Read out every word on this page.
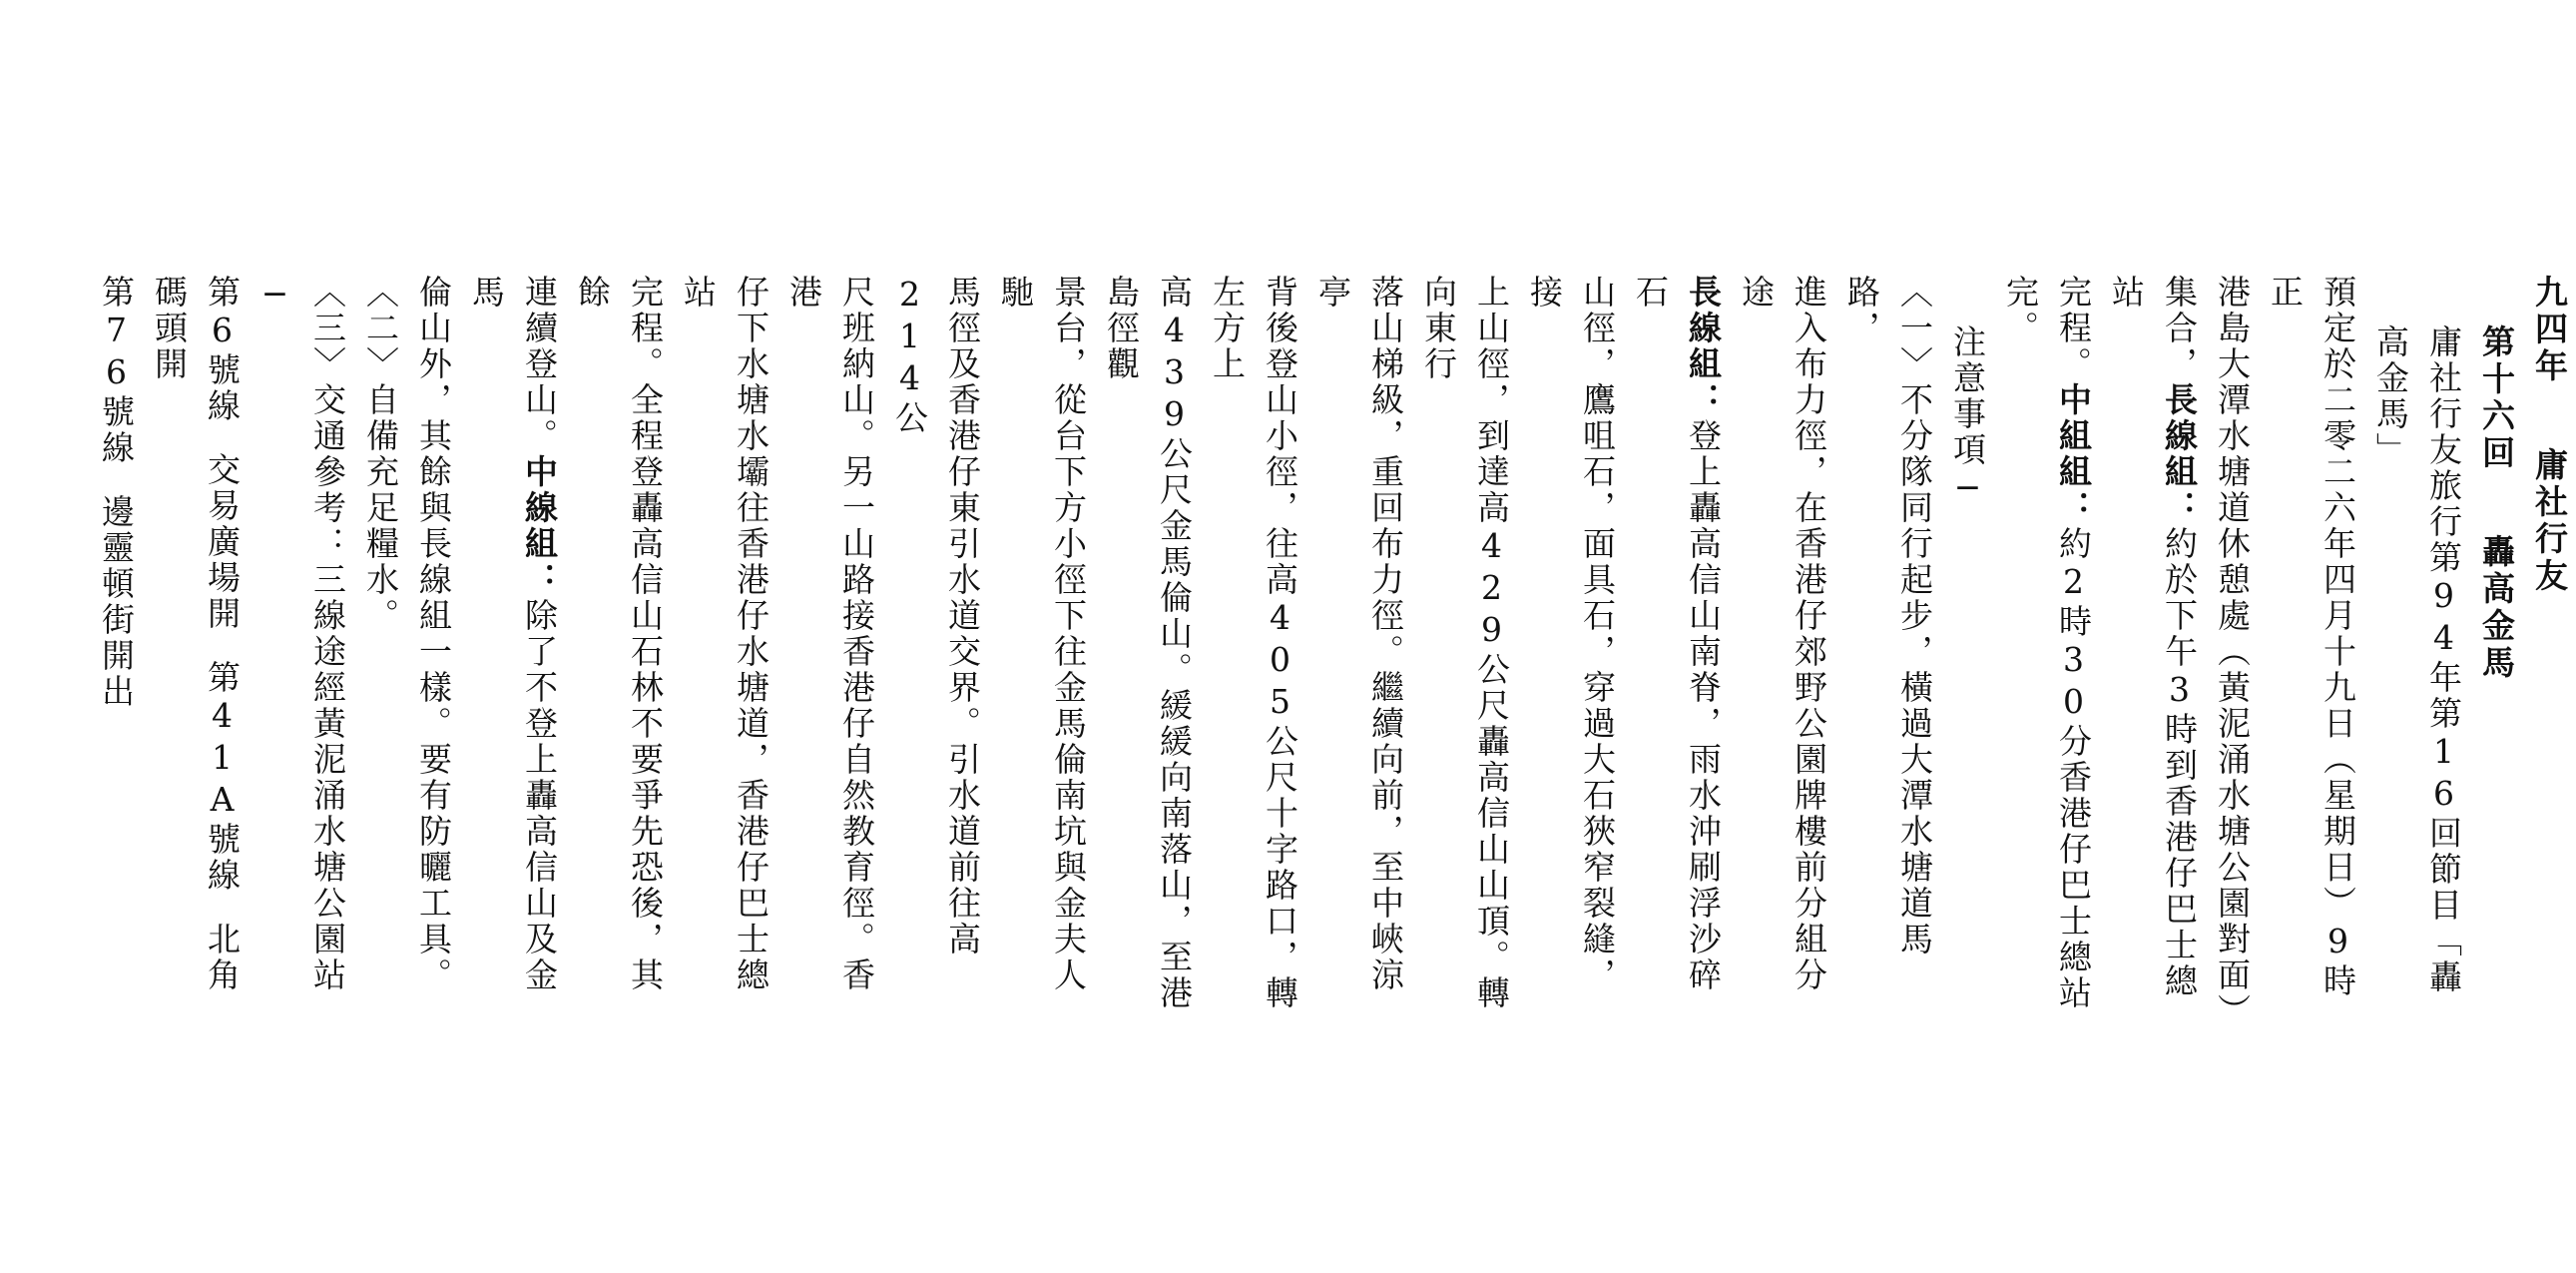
九四年庸社行友
第十六回轟高金馬
庸社行友旅行第94年第16回節目「轟高金馬」
預定於二零二六年四月十九日（星期日）9時正
港島大潭水塘道休憩處（黃泥涌水塘公園對面）
集合，長線組：約於下午3時到香港仔巴士總站
完程。中組組：約2時30分香港仔巴士總站完。
注意事項─
〈一〉不分隊同行起步，橫過大潭水塘道馬路，
進入布力徑，在香港仔郊野公園牌樓前分組分途
長線組：登上轟高信山南脊，雨水沖刷浮沙碎石
山徑，鷹咀石，面具石，穿過大石狹窄裂縫，接
上山徑，到達高429公尺轟高信山山頂。轉向東行
落山梯級，重回布力徑。繼續向前，至中峽涼亭
背後登山小徑，往高405公尺十字路口，轉左方上
高439公尺金馬倫山。緩緩向南落山，至港島徑觀
景台，從台下方小徑下往金馬倫南坑與金夫人馳
馬徑及香港仔東引水道交界。引水道前往高214公
尺班納山。另一山路接香港仔自然教育徑。香港
仔下水塘水壩往香港仔水塘道，香港仔巴士總站
完程。全程登轟高信山石林不要爭先恐後，其餘
連續登山。中線組：除了不登上轟高信山及金馬
倫山外，其餘與長線組一樣。要有防曬工具。
〈二〉自備充足糧水。
〈三〉交通參考：三線途經黃泥涌水塘公園站─
第6號線交易廣場開第41A號線北角碼頭開
第76號線邊靈頓街開出
